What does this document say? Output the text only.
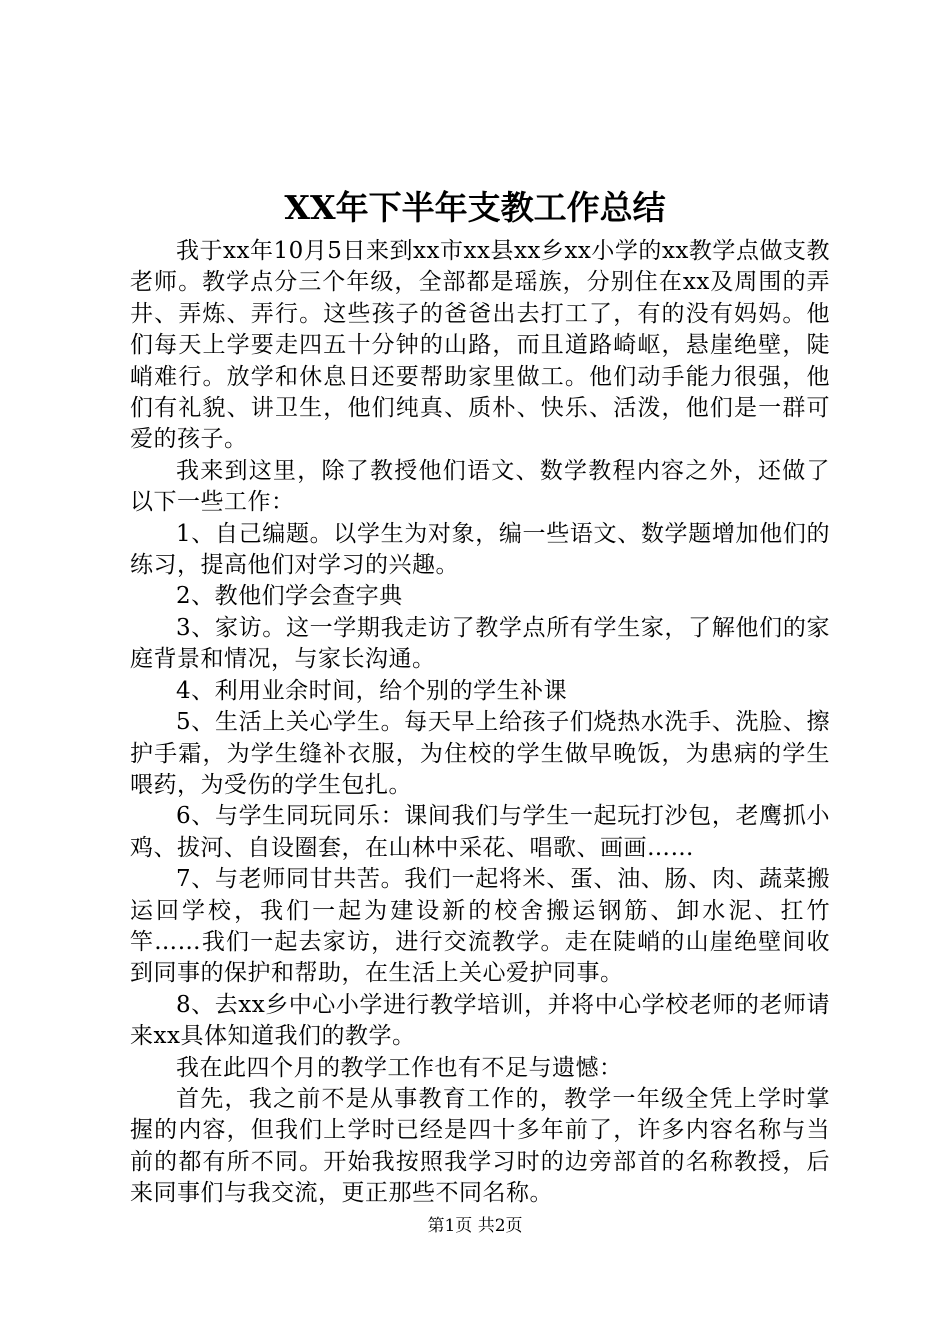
XX年下半年支教工作总结

我于xx年10月5日来到xx市xx县xx乡xx小学的xx教学点做支教老师。教学点分三个年级，全部都是瑶族，分别住在xx及周围的弄井、弄炼、弄行。这些孩子的爸爸出去打工了，有的没有妈妈。他们每天上学要走四五十分钟的山路，而且道路崎岖，悬崖绝壁，陡峭难行。放学和休息日还要帮助家里做工。他们动手能力很强，他们有礼貌、讲卫生，他们纯真、质朴、快乐、活泼，他们是一群可爱的孩子。

我来到这里，除了教授他们语文、数学教程内容之外，还做了以下一些工作：

1、自己编题。以学生为对象，编一些语文、数学题增加他们的练习，提高他们对学习的兴趣。

2、教他们学会查字典

3、家访。这一学期我走访了教学点所有学生家，了解他们的家庭背景和情况，与家长沟通。

4、利用业余时间，给个别的学生补课

5、生活上关心学生。每天早上给孩子们烧热水洗手、洗脸、擦护手霜，为学生缝补衣服，为住校的学生做早晚饭，为患病的学生喂药，为受伤的学生包扎。

6、与学生同玩同乐：课间我们与学生一起玩打沙包，老鹰抓小鸡、拔河、自设圈套，在山林中采花、唱歌、画画……

7、与老师同甘共苦。我们一起将米、蛋、油、肠、肉、蔬菜搬运回学校，我们一起为建设新的校舍搬运钢筋、卸水泥、扛竹竿……我们一起去家访，进行交流教学。走在陡峭的山崖绝壁间收到同事的保护和帮助，在生活上关心爱护同事。

8、去xx乡中心小学进行教学培训，并将中心学校老师的老师请来xx具体知道我们的教学。

我在此四个月的教学工作也有不足与遗憾：

首先，我之前不是从事教育工作的，教学一年级全凭上学时掌握的内容，但我们上学时已经是四十多年前了，许多内容名称与当前的都有所不同。开始我按照我学习时的边旁部首的名称教授，后来同事们与我交流，更正那些不同名称。

第1页 共2页
